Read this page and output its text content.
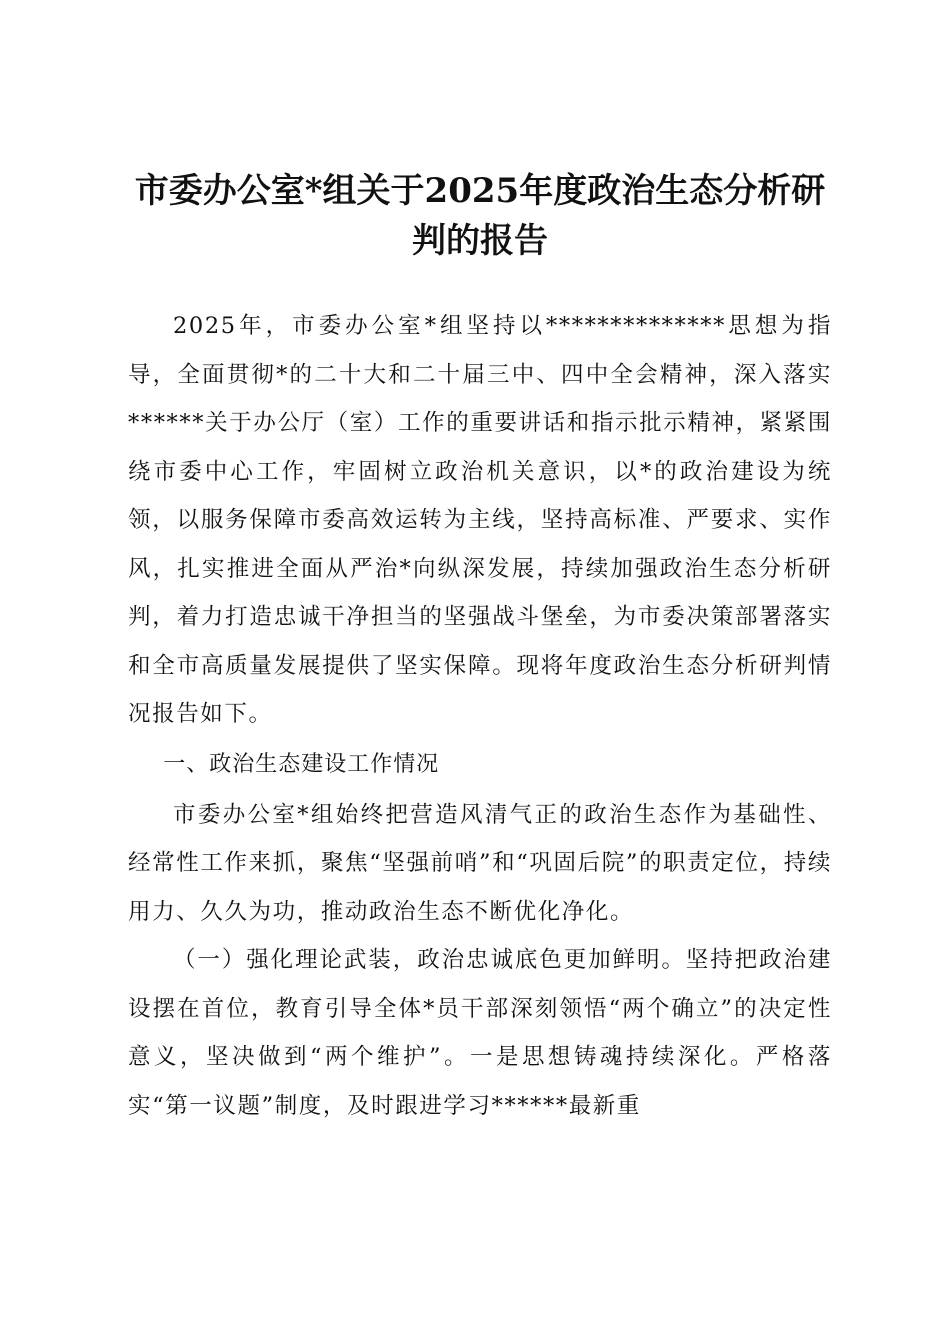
市委办公室*组关于2025年度政治生态分析研
判的报告

2025年，市委办公室*组坚持以**************思想为指导，全面贯彻*的二十大和二十届三中、四中全会精神，深入落实******关于办公厅（室）工作的重要讲话和指示批示精神，紧紧围绕市委中心工作，牢固树立政治机关意识，以*的政治建设为统领，以服务保障市委高效运转为主线，坚持高标准、严要求、实作风，扎实推进全面从严治*向纵深发展，持续加强政治生态分析研判，着力打造忠诚干净担当的坚强战斗堡垒，为市委决策部署落实和全市高质量发展提供了坚实保障。现将年度政治生态分析研判情况报告如下。

一、政治生态建设工作情况

市委办公室*组始终把营造风清气正的政治生态作为基础性、经常性工作来抓，聚焦“坚强前哨”和“巩固后院”的职责定位，持续用力、久久为功，推动政治生态不断优化净化。

（一）强化理论武装，政治忠诚底色更加鲜明。坚持把政治建设摆在首位，教育引导全体*员干部深刻领悟“两个确立”的决定性意义，坚决做到“两个维护”。一是思想铸魂持续深化。严格落实“第一议题”制度，及时跟进学习******最新重
